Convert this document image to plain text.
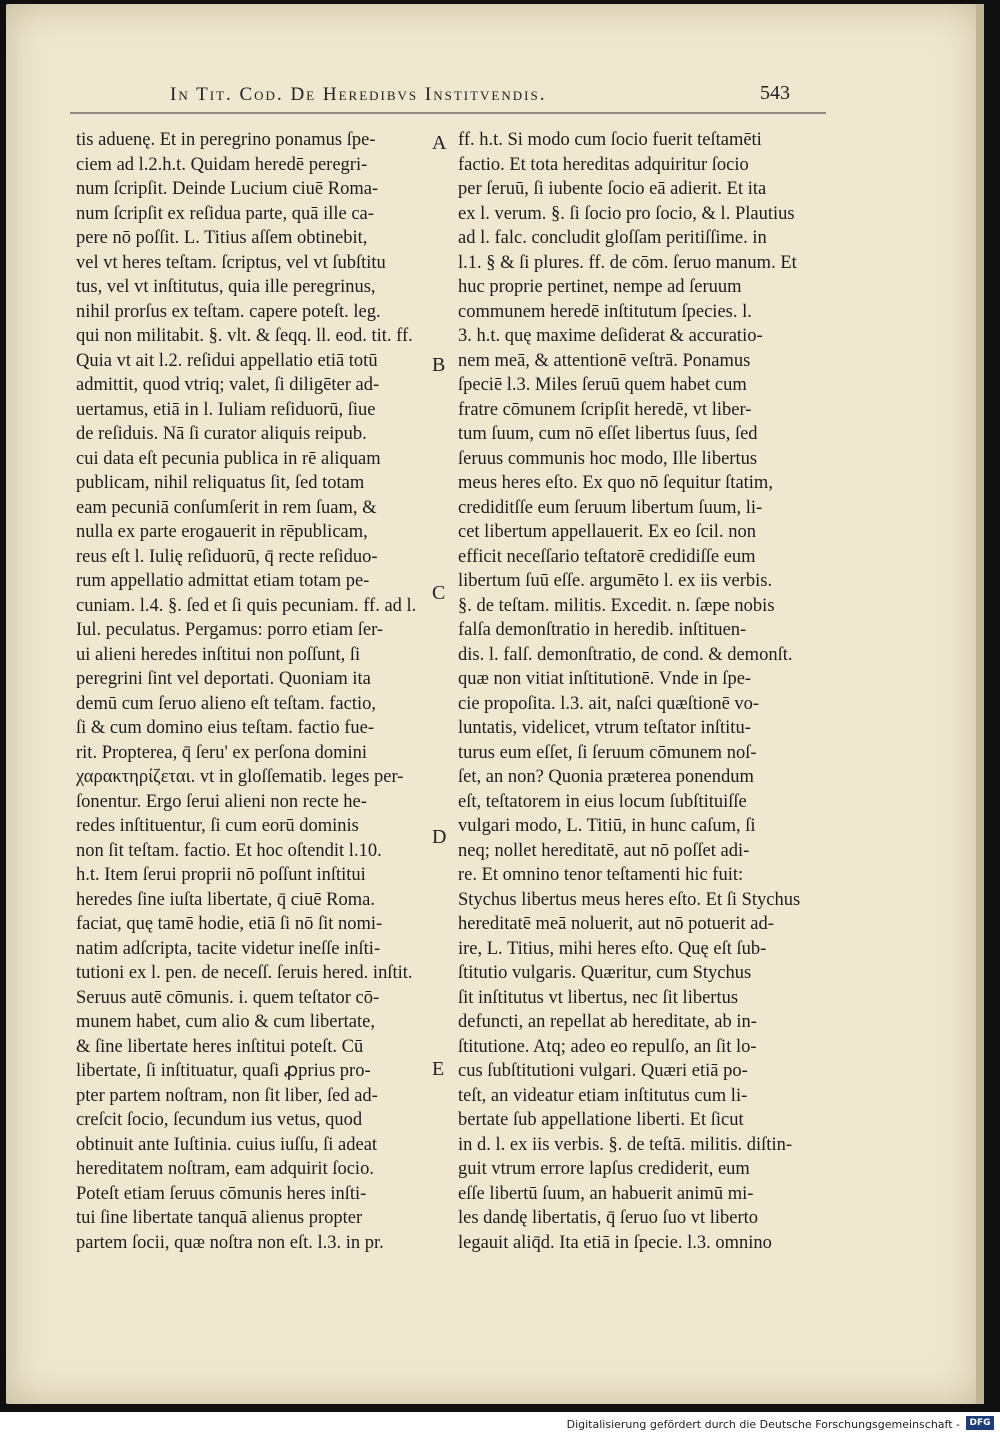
In Tit. Cod. De Heredibvs Institvendis.	543
tis aduenę. Et in peregrino ponamus ſpe-
ciem ad l.2.h.t. Quidam heredē peregri-
num ſcripſit. Deinde Lucium ciuē Roma-
num ſcripſit ex reſidua parte, quā ille ca-
pere nō poſſit. L. Titius aſſem obtinebit,
vel vt heres teſtam. ſcriptus, vel vt ſubſtitu
tus, vel vt inſtitutus, quia ille peregrinus,
nihil prorſus ex teſtam. capere poteſt. leg.
qui non militabit. §. vlt. & ſeqq. ll. eod. tit. ff.
Quia vt ait l.2. reſidui appellatio etiā totū
admittit, quod vtriq; valet, ſi diligēter ad-
uertamus, etiā in l. Iuliam reſiduorū, ſiue
de reſiduis. Nā ſi curator aliquis reipub.
cui data eſt pecunia publica in rē aliquam
publicam, nihil reliquatus ſit, ſed totam
eam pecuniā conſumſerit in rem ſuam, &
nulla ex parte erogauerit in rēpublicam,
reus eſt l. Iulię reſiduorū, q̄ recte reſiduo-
rum appellatio admittat etiam totam pe-
cuniam. l.4. §. ſed et ſi quis pecuniam. ff. ad l.
Iul. peculatus. Pergamus: porro etiam ſer-
ui alieni heredes inſtitui non poſſunt, ſi
peregrini ſint vel deportati. Quoniam ita
demū cum ſeruo alieno eſt teſtam. factio,
ſi & cum domino eius teſtam. factio fue-
rit. Propterea, q̄ ſeru' ex perſona domini
χαρακτηρίζεται. vt in gloſſematib. leges per-
ſonentur. Ergo ſerui alieni non recte he-
redes inſtituentur, ſi cum eorū dominis
non ſit teſtam. factio. Et hoc oſtendit l.10.
h.t. Item ſerui proprii nō poſſunt inſtitui
heredes ſine iuſta libertate, q̄ ciuē Roma.
faciat, quę tamē hodie, etiā ſi nō ſit nomi-
natim adſcripta, tacite videtur ineſſe inſti-
tutioni ex l. pen. de neceſſ. ſeruis hered. inſtit.
Seruus autē cōmunis. i. quem teſtator cō-
munem habet, cum alio & cum libertate,
& ſine libertate heres inſtitui poteſt. Cū
libertate, ſi inſtituatur, quaſi ꝓprius pro-
pter partem noſtram, non ſit liber, ſed ad-
creſcit ſocio, ſecundum ius vetus, quod
obtinuit ante Iuſtinia. cuius iuſſu, ſi adeat
hereditatem noſtram, eam adquirit ſocio.
Poteſt etiam ſeruus cōmunis heres inſti-
tui ſine libertate tanquā alienus propter
partem ſocii, quæ noſtra non eſt. l.3. in pr.
ff. h.t. Si modo cum ſocio fuerit teſtamēti
factio. Et tota hereditas adquiritur ſocio
per ſeruū, ſi iubente ſocio eā adierit. Et ita
ex l. verum. §. ſi ſocio pro ſocio, & l. Plautius
ad l. falc. concludit gloſſam peritiſſime. in
l.1. § & ſi plures. ff. de cōm. ſeruo manum. Et
huc proprie pertinet, nempe ad ſeruum
communem heredē inſtitutum ſpecies. l.
3. h.t. quę maxime deſiderat & accuratio-
nem meā, & attentionē veſtrā. Ponamus
ſpeciē l.3. Miles ſeruū quem habet cum
fratre cōmunem ſcripſit heredē, vt liber-
tum ſuum, cum nō eſſet libertus ſuus, ſed
ſeruus communis hoc modo, Ille libertus
meus heres eſto. Ex quo nō ſequitur ſtatim,
crediditſſe eum ſeruum libertum ſuum, li-
cet libertum appellauerit. Ex eo ſcil. non
efficit neceſſario teſtatorē credidiſſe eum
libertum ſuū eſſe. argumēto l. ex iis verbis.
§. de teſtam. militis. Excedit. n. ſæpe nobis
falſa demonſtratio in heredib. inſtituen-
dis. l. falſ. demonſtratio, de cond. & demonſt.
quæ non vitiat inſtitutionē. Vnde in ſpe-
cie propoſita. l.3. ait, naſci quæſtionē vo-
luntatis, videlicet, vtrum teſtator inſtitu-
turus eum eſſet, ſi ſeruum cōmunem noſ-
ſet, an non? Quonia præterea ponendum
eſt, teſtatorem in eius locum ſubſtituiſſe
vulgari modo, L. Titiū, in hunc caſum, ſi
neq; nollet hereditatē, aut nō poſſet adi-
re. Et omnino tenor teſtamenti hic fuit:
Stychus libertus meus heres eſto. Et ſi Stychus
hereditatē meā noluerit, aut nō potuerit ad-
ire, L. Titius, mihi heres eſto. Quę eſt ſub-
ſtitutio vulgaris. Quæritur, cum Stychus
ſit inſtitutus vt libertus, nec ſit libertus
defuncti, an repellat ab hereditate, ab in-
ſtitutione. Atq; adeo eo repulſo, an ſit lo-
cus ſubſtitutioni vulgari. Quæri etiā po-
teſt, an videatur etiam inſtitutus cum li-
bertate ſub appellatione liberti. Et ſicut
in d. l. ex iis verbis. §. de teſtā. militis. diſtin-
guit vtrum errore lapſus crediderit, eum
eſſe libertū ſuum, an habuerit animū mi-
les dandę libertatis, q̄ ſeruo ſuo vt liberto
legauit aliq̄d. Ita etiā in ſpecie. l.3. omnino
A
B
C
D
E
Digitalisierung gefördert durch die Deutsche Forschungsgemeinschaft -	DFG
